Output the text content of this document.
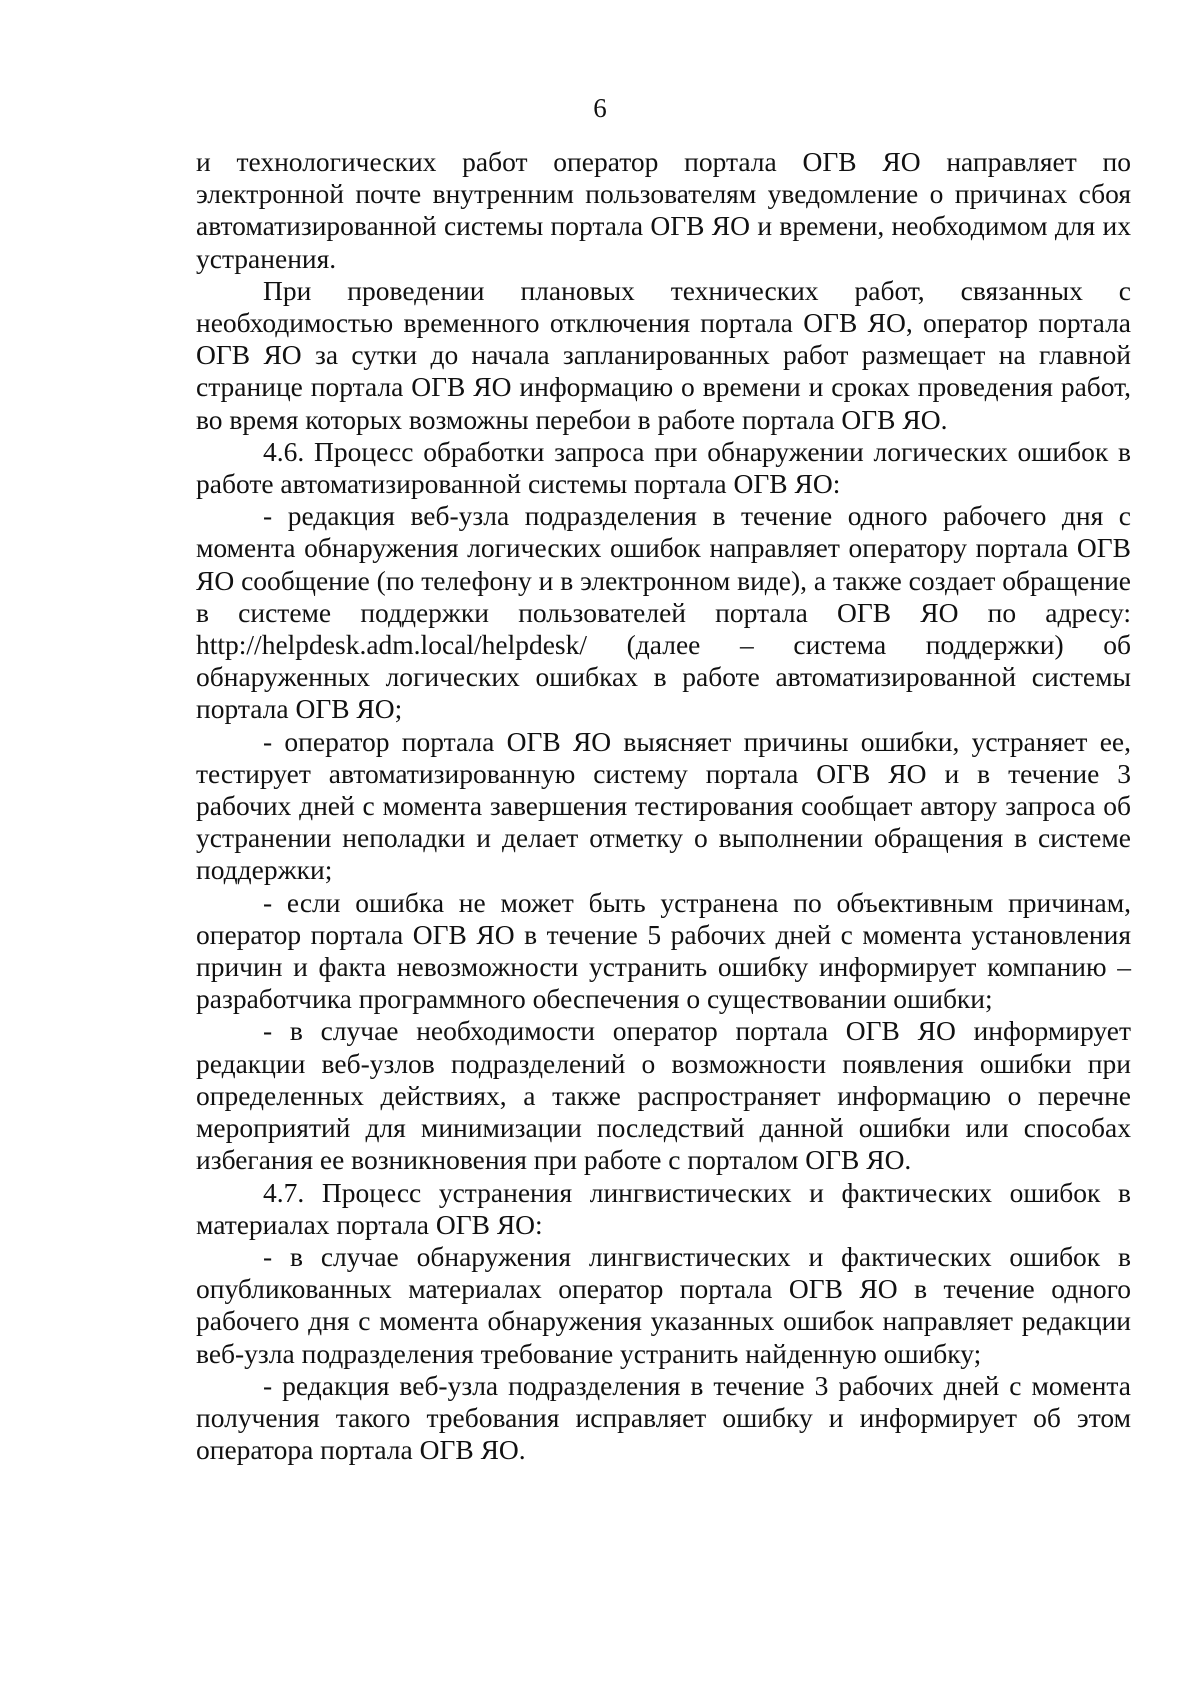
6

и технологических работ оператор портала ОГВ ЯО направляет по электронной почте внутренним пользователям уведомление о причинах сбоя автоматизированной системы портала ОГВ ЯО и времени, необходимом для их устранения.

При проведении плановых технических работ, связанных с необходимостью временного отключения портала ОГВ ЯО, оператор портала ОГВ ЯО за сутки до начала запланированных работ размещает на главной странице портала ОГВ ЯО информацию о времени и сроках проведения работ, во время которых возможны перебои в работе портала ОГВ ЯО.

4.6. Процесс обработки запроса при обнаружении логических ошибок в работе автоматизированной системы портала ОГВ ЯО:

- редакция веб-узла подразделения в течение одного рабочего дня с момента обнаружения логических ошибок направляет оператору портала ОГВ ЯО сообщение (по телефону и в электронном виде), а также создает обращение в системе поддержки пользователей портала ОГВ ЯО по адресу: http://helpdesk.adm.local/helpdesk/ (далее – система поддержки) об обнаруженных логических ошибках в работе автоматизированной системы портала ОГВ ЯО;

- оператор портала ОГВ ЯО выясняет причины ошибки, устраняет ее, тестирует автоматизированную систему портала ОГВ ЯО и в течение 3 рабочих дней с момента завершения тестирования сообщает автору запроса об устранении неполадки и делает отметку о выполнении обращения в системе поддержки;

- если ошибка не может быть устранена по объективным причинам, оператор портала ОГВ ЯО в течение 5 рабочих дней с момента установления причин и факта невозможности устранить ошибку информирует компанию – разработчика программного обеспечения о существовании ошибки;

- в случае необходимости оператор портала ОГВ ЯО информирует редакции веб-узлов подразделений о возможности появления ошибки при определенных действиях, а также распространяет информацию о перечне мероприятий для минимизации последствий данной ошибки или способах избегания ее возникновения при работе с порталом ОГВ ЯО.

4.7. Процесс устранения лингвистических и фактических ошибок в материалах портала ОГВ ЯО:

- в случае обнаружения лингвистических и фактических ошибок в опубликованных материалах оператор портала ОГВ ЯО в течение одного рабочего дня с момента обнаружения указанных ошибок направляет редакции веб-узла подразделения требование устранить найденную ошибку;

- редакция веб-узла подразделения в течение 3 рабочих дней с момента получения такого требования исправляет ошибку и информирует об этом оператора портала ОГВ ЯО.
